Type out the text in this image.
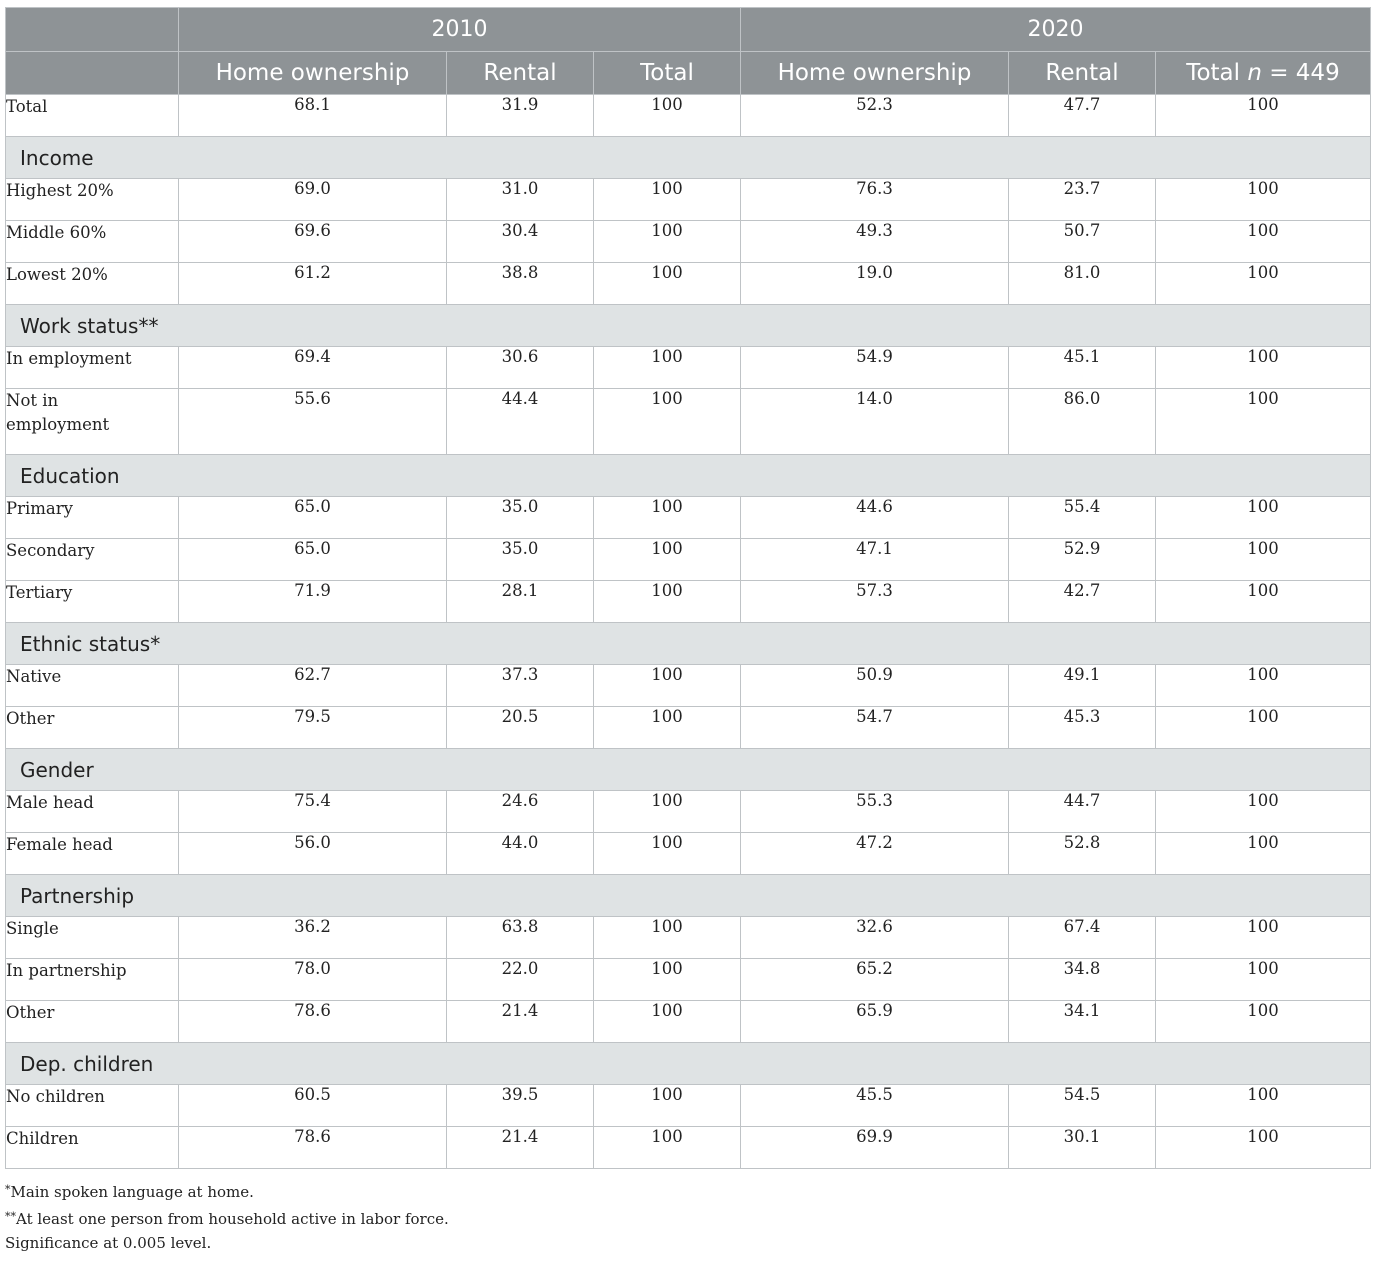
	2010			2020		
	Home ownership	Rental	Total	Home ownership	Rental	Total n = 449
Total	68.1	31.9	100	52.3	47.7	100
Income						
Highest 20%	69.0	31.0	100	76.3	23.7	100
Middle 60%	69.6	30.4	100	49.3	50.7	100
Lowest 20%	61.2	38.8	100	19.0	81.0	100
Work status**						
In employment	69.4	30.6	100	54.9	45.1	100
Not in employment	55.6	44.4	100	14.0	86.0	100
Education						
Primary	65.0	35.0	100	44.6	55.4	100
Secondary	65.0	35.0	100	47.1	52.9	100
Tertiary	71.9	28.1	100	57.3	42.7	100
Ethnic status*						
Native	62.7	37.3	100	50.9	49.1	100
Other	79.5	20.5	100	54.7	45.3	100
Gender						
Male head	75.4	24.6	100	55.3	44.7	100
Female head	56.0	44.0	100	47.2	52.8	100
Partnership						
Single	36.2	63.8	100	32.6	67.4	100
In partnership	78.0	22.0	100	65.2	34.8	100
Other	78.6	21.4	100	65.9	34.1	100
Dep. children						
No children	60.5	39.5	100	45.5	54.5	100
Children	78.6	21.4	100	69.9	30.1	100
*Main spoken language at home.
**At least one person from household active in labor force.
Significance at 0.005 level.
